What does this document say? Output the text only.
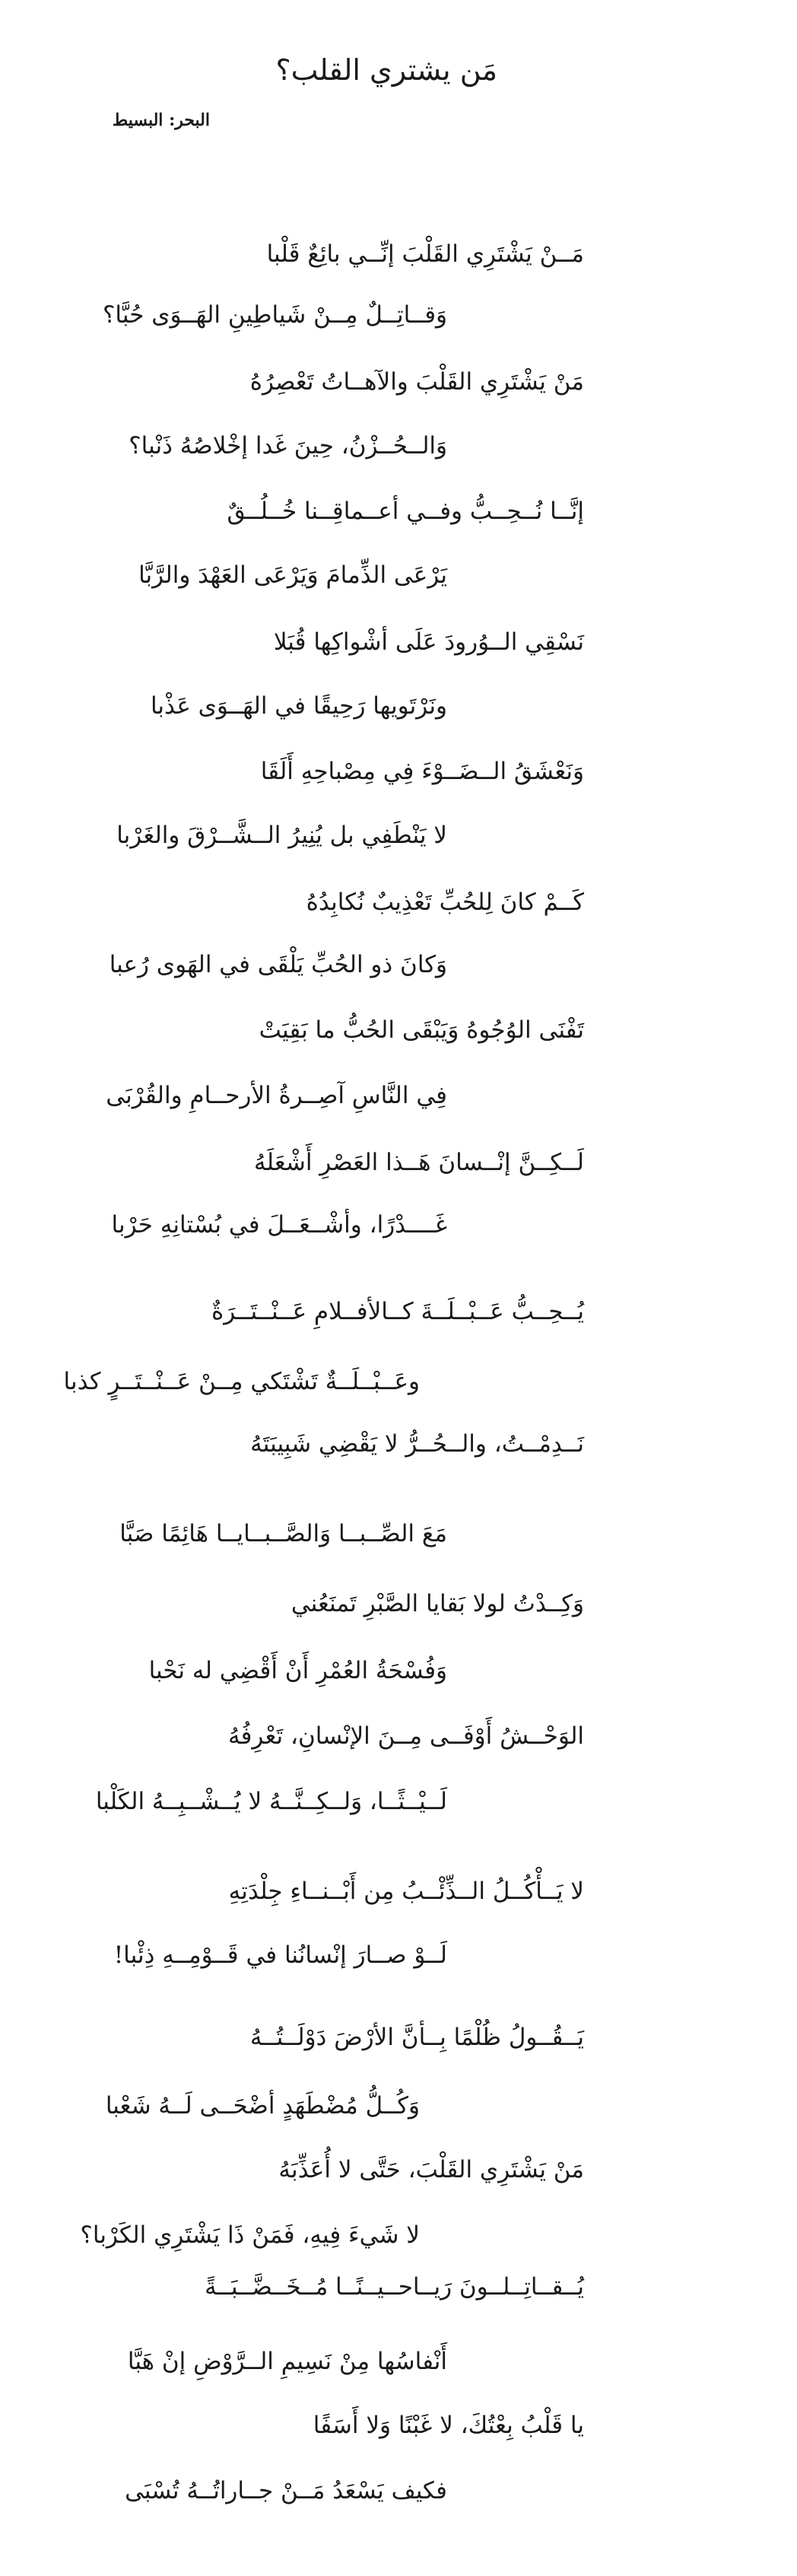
مَن يشتري القلب؟
البحر: البسيط
مَــنْ يَشْتَرِي القَلْبَ إنِّــي بائِعٌ قَلْبا
وَقــاتِــلٌ مِــنْ شَياطِينِ الهَــوَى حُبَّا؟
مَنْ يَشْتَرِي القَلْبَ والآهــاتُ تَعْصِرُهُ
وَالــحُــزْنُ، حِينَ غَدا إخْلاصُهُ ذَنْبا؟
إنَّــا نُــحِــبُّ وفــي أعــماقِــنا خُــلُــقٌ
يَرْعَى الذِّمامَ وَيَرْعَى العَهْدَ والرَّبَّا
نَسْقِي الــوُرودَ عَلَى أشْواكِها قُبَلا
ونَرْتَويها رَحِيقًا في الهَــوَى عَذْبا
وَنَعْشَقُ الــضَــوْءَ فِي مِصْباحِهِ أَلَقَا
لا يَنْطَفِي بل يُنِيرُ الــشَّــرْقَ والغَرْبا
كَــمْ كانَ لِلحُبِّ تَعْذِيبٌ نُكابِدُهُ
وَكانَ ذو الحُبِّ يَلْقَى في الهَوى رُعبا
تَفْنَى الوُجُوهُ وَيَبْقَى الحُبُّ ما بَقِيَتْ
فِي النَّاسِ آصِــرةُ الأرحــامِ والقُرْبَى
لَــكِــنَّ إنْــسانَ هَــذا العَصْرِ أَشْعَلَهُ
غَــــدْرًا، وأشْــعَــلَ في بُسْتانِهِ حَرْبا
يُــحِــبُّ عَــبْــلَــةَ كــالأفــلامِ عَــنْــتَــرَةٌ
وعَــبْــلَــةٌ تَشْتَكي مِــنْ عَــنْــتَــرٍ كذبا
نَــدِمْــتُ، والــحُــرُّ لا يَقْضِي شَبِيبَتَهُ
مَعَ الصِّــبــا وَالصَّــبــايــا هَائِمًا صَبَّا
وَكِــدْتُ لولا بَقايا الصَّبْرِ تَمنَعُني
وَفُسْحَةُ العُمْرِ أَنْ أَقْضِي له نَحْبا
الوَحْــشُ أَوْفَــى مِــنَ الإنْسانِ، تَعْرِفُهُ
لَــيْــثًــا، وَلــكِــنَّــهُ لا يُــشْــبِــهُ الكَلْبا
لا يَــأْكُــلُ الــذِّئْــبُ مِن أَبْــنــاءِ جِلْدَتِهِ
لَــوْ صــارَ إنْسانُنا في قَــوْمِــهِ ذِئْبا!
يَــقُــولُ ظُلْمًا بِــأنَّ الأرْضَ دَوْلَــتُــهُ
وَكُــلُّ مُضْطَهَدٍ أضْحَــى لَــهُ شَعْبا
مَنْ يَشْتَرِي القَلْبَ، حَتَّى لا أُعَذِّبَهُ
لا شَيءَ فِيهِ، فَمَنْ ذَا يَشْتَرِي الكَرْبا؟
يُــقــاتِــلــونَ رَيــاحــيــنًــا مُــخَــضَّــبَــةً
أَنْفاسُها مِنْ نَسِيمِ الــرَّوْضِ إنْ هَبَّا
يا قَلْبُ بِعْتُكَ، لا غَبْنًا وَلا أَسَفًا
فكيف يَسْعَدُ مَــنْ جــاراتُــهُ تُسْبَى
